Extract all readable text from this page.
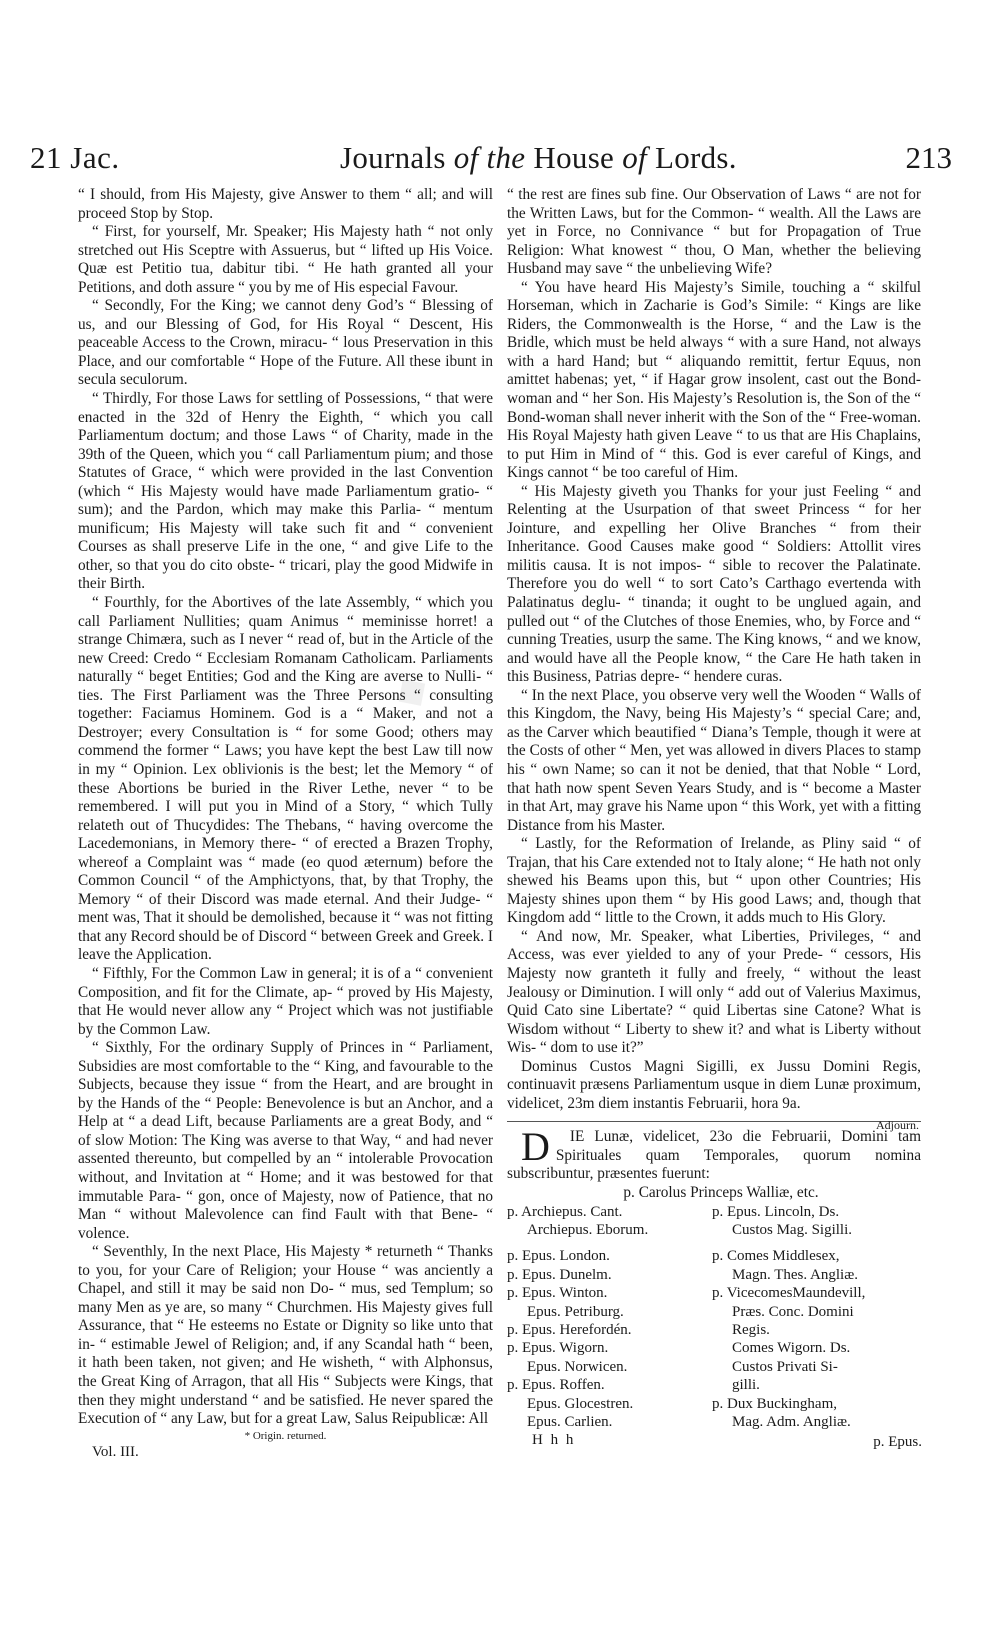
21 Jac.	Journals of the House of Lords.	213
◆ ◆ ◆

“ I should, from His Majesty, give Answer to them “ all; and will proceed Stop by Stop.

“ First, for yourself, Mr. Speaker; His Majesty hath “ not only stretched out His Sceptre with Assuerus, but “ lifted up His Voice. Quæ est Petitio tua, dabitur tibi. “ He hath granted all your Petitions, and doth assure “ you by me of His especial Favour.

“ Secondly, For the King; we cannot deny God’s “ Blessing of us, and our Blessing of God, for His Royal “ Descent, His peaceable Access to the Crown, miracu- “ lous Preservation in this Place, and our comfortable “ Hope of the Future. All these ibunt in secula seculorum.

“ Thirdly, For those Laws for settling of Possessions, “ that were enacted in the 32d of Henry the Eighth, “ which you call Parliamentum doctum; and those Laws “ of Charity, made in the 39th of the Queen, which you “ call Parliamentum pium; and those Statutes of Grace, “ which were provided in the last Convention (which “ His Majesty would have made Parliamentum gratio- “ sum); and the Pardon, which may make this Parlia- “ mentum munificum; His Majesty will take such fit and “ convenient Courses as shall preserve Life in the one, “ and give Life to the other, so that you do cito obste- “ tricari, play the good Midwife in their Birth.

“ Fourthly, for the Abortives of the late Assembly, “ which you call Parliament Nullities; quam Animus “ meminisse horret! a strange Chimæra, such as I never “ read of, but in the Article of the new Creed: Credo “ Ecclesiam Romanam Catholicam. Parliaments naturally “ beget Entities; God and the King are averse to Nulli- “ ties. The First Parliament was the Three Persons “ consulting together: Faciamus Hominem. God is a “ Maker, and not a Destroyer; every Consultation is “ for some Good; others may commend the former “ Laws; you have kept the best Law till now in my “ Opinion. Lex oblivionis is the best; let the Memory “ of these Abortions be buried in the River Lethe, never “ to be remembered. I will put you in Mind of a Story, “ which Tully relateth out of Thucydides: The Thebans, “ having overcome the Lacedemonians, in Memory there- “ of erected a Brazen Trophy, whereof a Complaint was “ made (eo quod æternum) before the Common Council “ of the Amphictyons, that, by that Trophy, the Memory “ of their Discord was made eternal. And their Judge- “ ment was, That it should be demolished, because it “ was not fitting that any Record should be of Discord “ between Greek and Greek. I leave the Application.

“ Fifthly, For the Common Law in general; it is of a “ convenient Composition, and fit for the Climate, ap- “ proved by His Majesty, that He would never allow any “ Project which was not justifiable by the Common Law.

“ Sixthly, For the ordinary Supply of Princes in “ Parliament, Subsidies are most comfortable to the “ King, and favourable to the Subjects, because they issue “ from the Heart, and are brought in by the Hands of the “ People: Benevolence is but an Anchor, and a Help at “ a dead Lift, because Parliaments are a great Body, and “ of slow Motion: The King was averse to that Way, “ and had never assented thereunto, but compelled by an “ intolerable Provocation without, and Invitation at “ Home; and it was bestowed for that immutable Para- “ gon, once of Majesty, now of Patience, that no Man “ without Malevolence can find Fault with that Bene- “ volence.

“ Seventhly, In the next Place, His Majesty * returneth “ Thanks to you, for your Care of Religion; your House “ was anciently a Chapel, and still it may be said non Do- “ mus, sed Templum; so many Men as ye are, so many “ Churchmen. His Majesty gives full Assurance, that “ He esteems no Estate or Dignity so like unto that in- “ estimable Jewel of Religion; and, if any Scandal hath “ been, it hath been taken, not given; and He wisheth, “ with Alphonsus, the Great King of Arragon, that all His “ Subjects were Kings, that then they might understand “ and be satisfied. He never spared the Execution of “ any Law, but for a great Law, Salus Reipublicæ: All

* Origin. returned.

Vol. III.

“ the rest are fines sub fine. Our Observation of Laws “ are not for the Written Laws, but for the Common- “ wealth. All the Laws are yet in Force, no Connivance “ but for Propagation of True Religion: What knowest “ thou, O Man, whether the believing Husband may save “ the unbelieving Wife?

“ You have heard His Majesty’s Simile, touching a “ skilful Horseman, which in Zacharie is God’s Simile: “ Kings are like Riders, the Commonwealth is the Horse, “ and the Law is the Bridle, which must be held always “ with a sure Hand, not always with a hard Hand; but “ aliquando remittit, fertur Equus, non amittet habenas; yet, “ if Hagar grow insolent, cast out the Bond-woman and “ her Son. His Majesty’s Resolution is, the Son of the “ Bond-woman shall never inherit with the Son of the “ Free-woman. His Royal Majesty hath given Leave “ to us that are His Chaplains, to put Him in Mind of “ this. God is ever careful of Kings, and Kings cannot “ be too careful of Him.

“ His Majesty giveth you Thanks for your just Feeling “ and Relenting at the Usurpation of that sweet Princess “ for her Jointure, and expelling her Olive Branches “ from their Inheritance. Good Causes make good “ Soldiers: Attollit vires militis causa. It is not impos- “ sible to recover the Palatinate. Therefore you do well “ to sort Cato’s Carthago evertenda with Palatinatus deglu- “ tinanda; it ought to be unglued again, and pulled out “ of the Clutches of those Enemies, who, by Force and “ cunning Treaties, usurp the same. The King knows, “ and we know, and would have all the People know, “ the Care He hath taken in this Business, Patrias depre- “ hendere curas.

“ In the next Place, you observe very well the Wooden “ Walls of this Kingdom, the Navy, being His Majesty’s “ special Care; and, as the Carver which beautified “ Diana’s Temple, though it were at the Costs of other “ Men, yet was allowed in divers Places to stamp his “ own Name; so can it not be denied, that that Noble “ Lord, that hath now spent Seven Years Study, and is “ become a Master in that Art, may grave his Name upon “ this Work, yet with a fitting Distance from his Master.

“ Lastly, for the Reformation of Irelande, as Pliny said “ of Trajan, that his Care extended not to Italy alone; “ He hath not only shewed his Beams upon this, but “ upon other Countries; His Majesty shines upon them “ by His good Laws; and, though that Kingdom add “ little to the Crown, it adds much to His Glory.

“ And now, Mr. Speaker, what Liberties, Privileges, “ and Access, was ever yielded to any of your Prede- “ cessors, His Majesty now granteth it fully and freely, “ without the least Jealousy or Diminution. I will only “ add out of Valerius Maximus, Quid Cato sine Libertate? “ quid Libertas sine Catone? What is Wisdom without “ Liberty to shew it? and what is Liberty without Wis- “ dom to use it?”

Dominus Custos Magni Sigilli, ex Jussu Domini Regis, continuavit præsens Parliamentum usque in diem Lunæ proximum, videlicet, 23m diem instantis Februarii, hora 9a.

D IE Lunæ, videlicet, 23o die Februarii, Domini tam Spirituales quam Temporales, quorum nomina subscribuntur, præsentes fuerunt:

p. Carolus Princeps Walliæ, etc.

p. Archiepus. Cant.
Archiepus. Eborum.
p. Epus. London.
p. Epus. Dunelm.
p. Epus. Winton.
Epus. Petriburg.
p. Epus. Herefordén.
p. Epus. Wigorn.
Epus. Norwicen.
p. Epus. Roffen.
Epus. Glocestren.
Epus. Carlien.
H h h
p. Epus. Lincoln, Ds.
Custos Mag. Sigilli.
p. Comes Middlesex,
Magn. Thes. Angliæ.
p. VicecomesMaundevill,
Præs. Conc. Domini
Regis.
Comes Wigorn. Ds.
Custos Privati Si-
gilli.
p. Dux Buckingham,
Mag. Adm. Angliæ.
p. Epus.
Adjourn.
